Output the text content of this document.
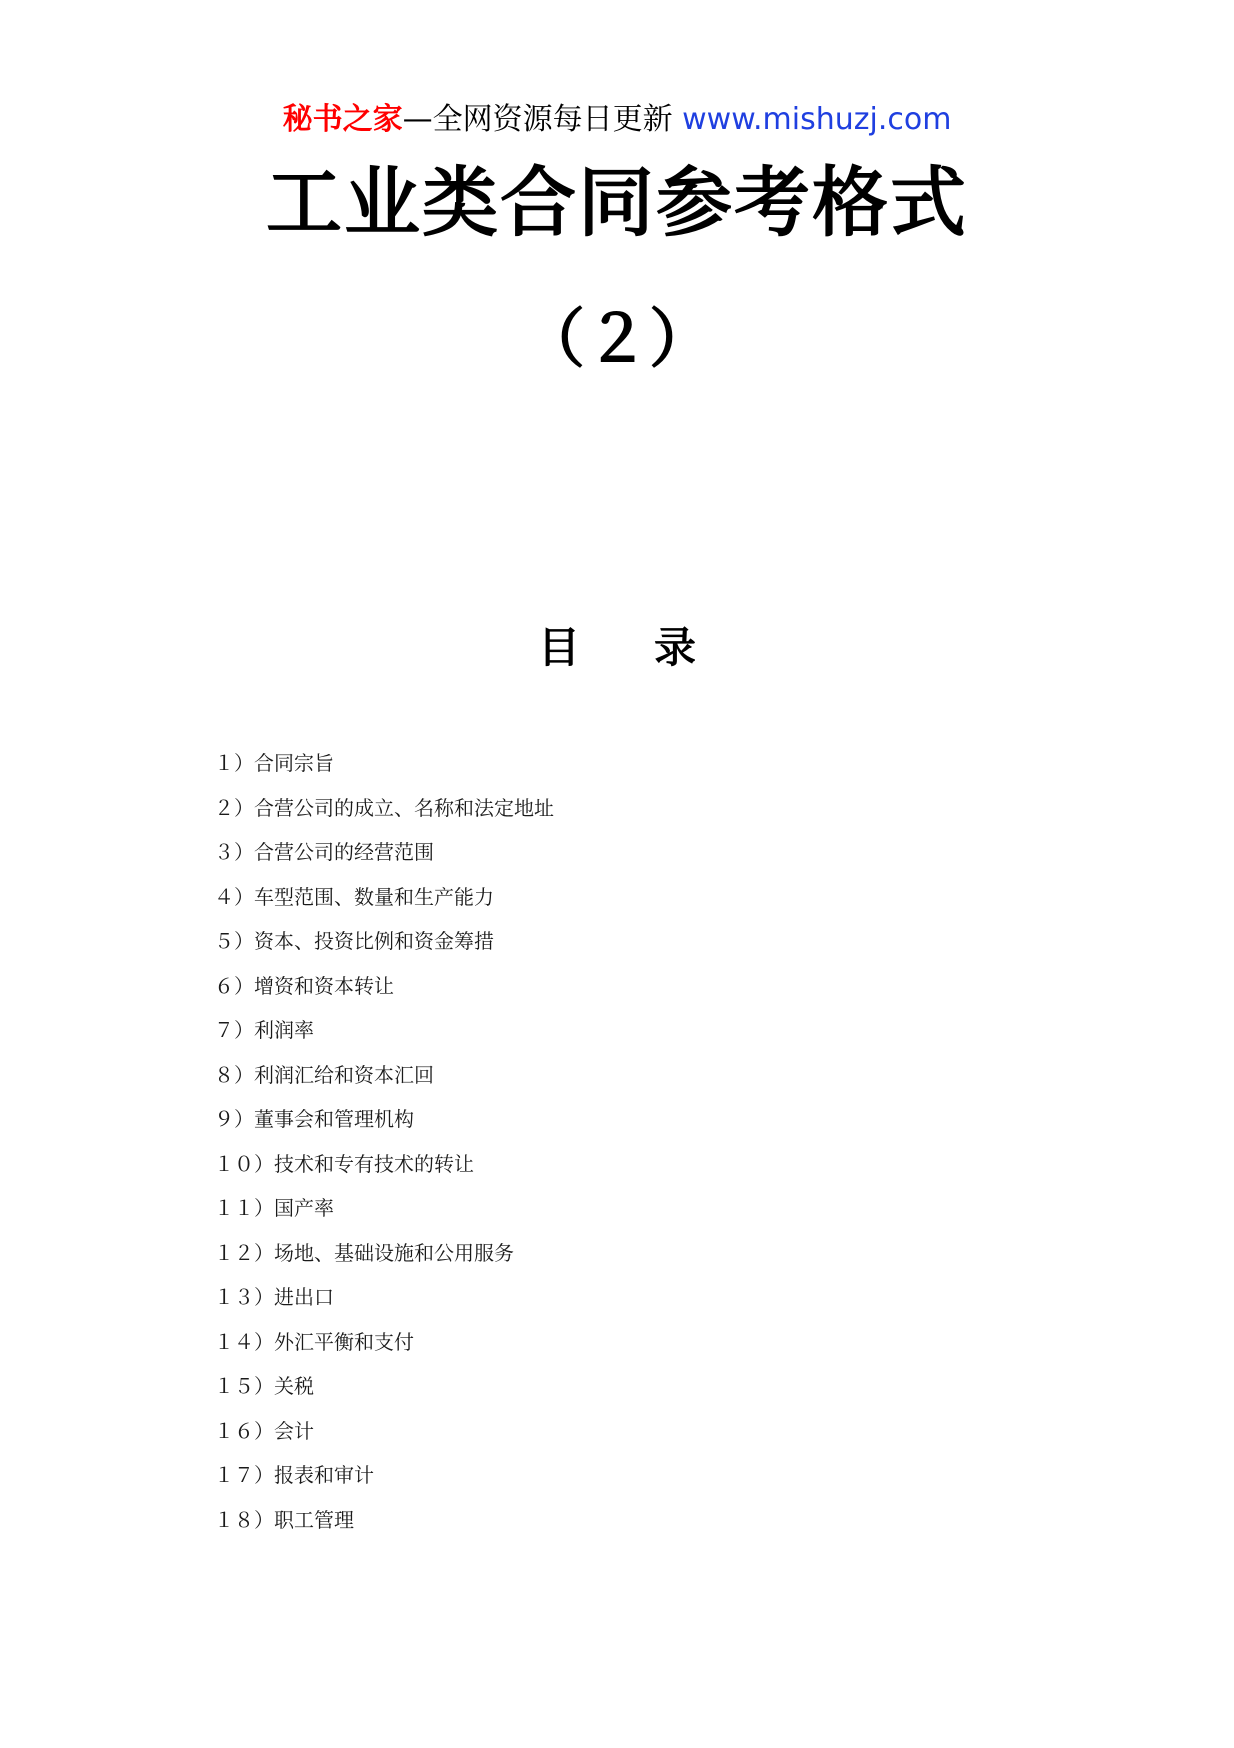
秘书之家—全网资源每日更新 www.mishuzj.com
工业类合同参考格式
（２）
目录
１）合同宗旨
２）合营公司的成立、名称和法定地址
３）合营公司的经营范围
４）车型范围、数量和生产能力
５）资本、投资比例和资金筹措
６）增资和资本转让
７）利润率
８）利润汇给和资本汇回
９）董事会和管理机构
１０）技术和专有技术的转让
１１）国产率
１２）场地、基础设施和公用服务
１３）进出口
１４）外汇平衡和支付
１５）关税
１６）会计
１７）报表和审计
１８）职工管理
